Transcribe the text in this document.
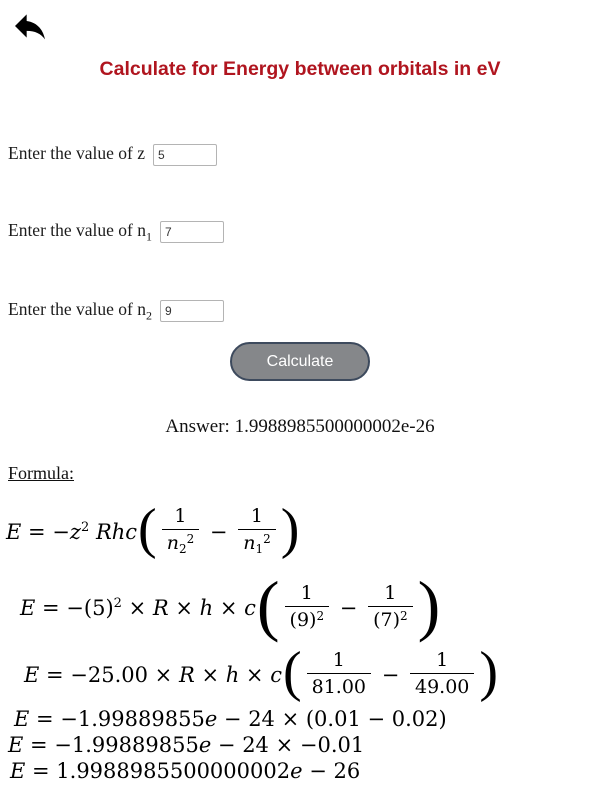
Calculate for Energy between orbitals in eV
Enter the value of z
5
Enter the value of $n_1$
7
Enter the value of $n_2$
9
Calculate
Answer: 1.9988985500000002e-26
Formula:
$E = -z^2$ $Rhc( \frac{1}{n_2^2} - \frac{1}{n_1^2}$ )
$E = -(5)^2 \times R \times h \times c( \frac{1}{(9)^2} - \frac{1}{(7)^2}$ )
$E = -25.00 \times R \times h \times c( \frac{1}{81.00} - \frac{1}{49.00}$ )
E = −1.99889855e − 24 × (0.01 − 0.02)
E = −1.99889855e − 24 × −0.01
E = 1.9988985500000002e − 26
